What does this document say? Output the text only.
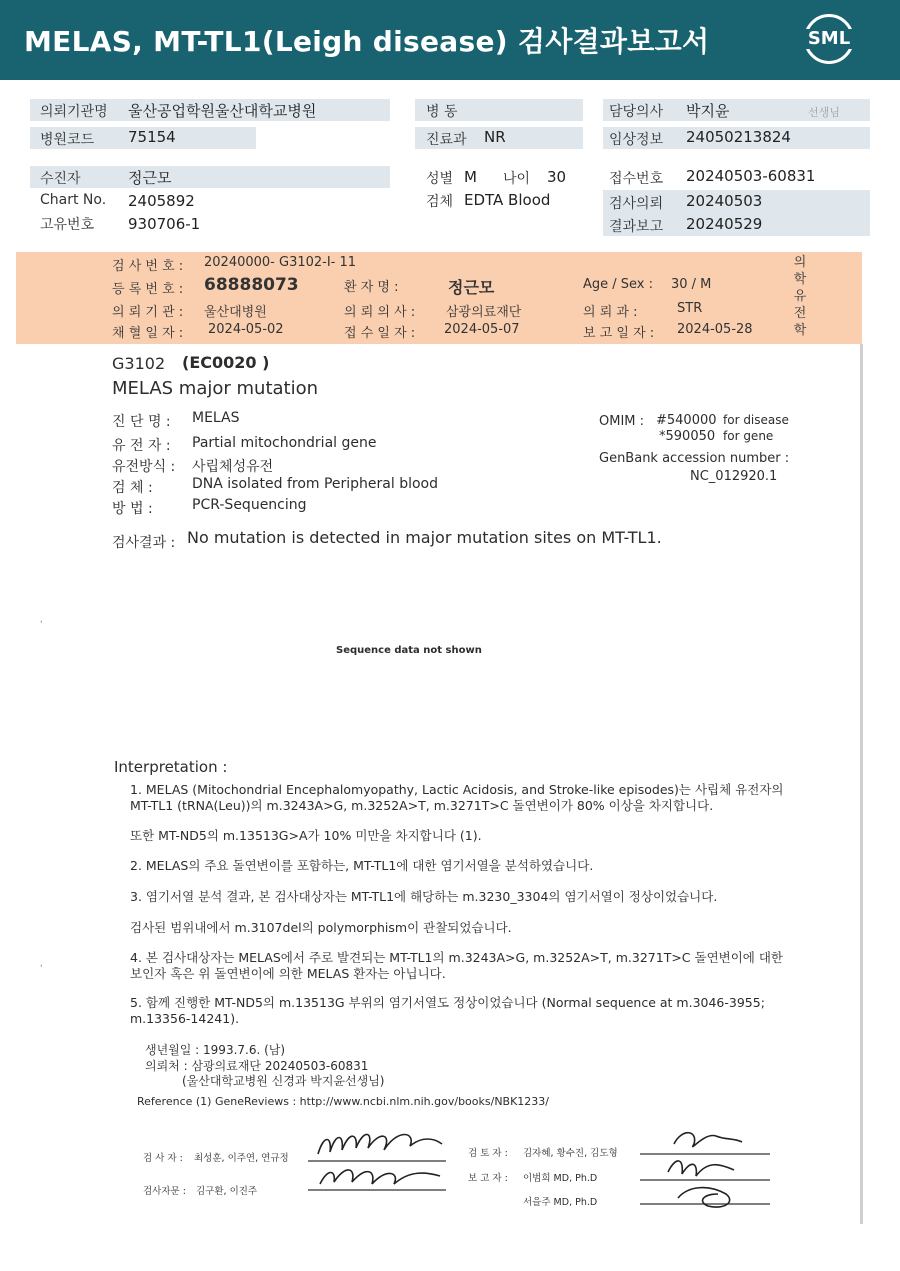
MELAS, MT-TL1(Leigh disease) 검사결과보고서	SML
의뢰기관명 울산공업학원울산대학교병원
병원코드 75154
병 동
진료과 NR
담당의사 박지윤	선생님
임상정보 24050213824
수진자	정근모
Chart No. 2405892
고유번호 930706-1
성별 M 나이 30
검체 EDTA Blood
접수번호 20240503-60831
검사의뢰 20240503
결과보고 20240529
검 사 번 호 : 20240000- G3102-I- 11
등 록 번 호 : 68888073	환 자 명 :	정근모	Age / Sex : 30 / M
의 뢰 기 관 : 울산대병원	의 뢰 의 사 : 삼광의료재단	의 뢰 과 :	STR
채 혈 일 자 : 2024-05-02	접 수 일 자 : 2024-05-07	보 고 일 자 : 2024-05-28
의
학
유
전
학
G3102 (EC0020 )
MELAS major mutation
진 단 명 : MELAS
유 전 자 : Partial mitochondrial gene
유전방식 : 사립체성유전
검 체 :	DNA isolated from Peripheral blood
방 법 :	PCR-Sequencing
OMIM : #540000 for disease
*590050 for gene
GenBank accession number :
NC_012920.1
검사결과 : No mutation is detected in major mutation sites on MT-TL1.
Sequence data not shown
Interpretation :
1. MELAS (Mitochondrial Encephalomyopathy, Lactic Acidosis, and Stroke-like episodes)는 사립체 유전자의 MT-TL1 (tRNA(Leu))의 m.3243A>G, m.3252A>T, m.3271T>C 돌연변이가 80% 이상을 차지합니다.
또한 MT-ND5의 m.13513G>A가 10% 미만을 차지합니다 (1).
2. MELAS의 주요 돌연변이를 포함하는, MT-TL1에 대한 염기서열을 분석하였습니다.
3. 염기서열 분석 결과, 본 검사대상자는 MT-TL1에 해당하는 m.3230_3304의 염기서열이 정상이었습니다.
검사된 범위내에서 m.3107del의 polymorphism이 관찰되었습니다.
4. 본 검사대상자는 MELAS에서 주로 발견되는 MT-TL1의 m.3243A>G, m.3252A>T, m.3271T>C 돌연변이에 대한 보인자 혹은 위 돌연변이에 의한 MELAS 환자는 아닙니다.
5. 함께 진행한 MT-ND5의 m.13513G 부위의 염기서열도 정상이었습니다 (Normal sequence at m.3046-3955; m.13356-14241).
생년월일 : 1993.7.6. (남)
의뢰처 : 삼광의료재단 20240503-60831
(울산대학교병원 신경과 박지윤선생님)
Reference (1) GeneReviews : http://www.ncbi.nlm.nih.gov/books/NBK1233/
검 사 자 : 최성훈, 이주연, 연규정
검사자문 : 김구환, 이진주
검 토 자 : 김자혜, 황수진, 김도형
보 고 자 : 이범희 MD, Ph.D
서을주 MD, Ph.D
'
'
